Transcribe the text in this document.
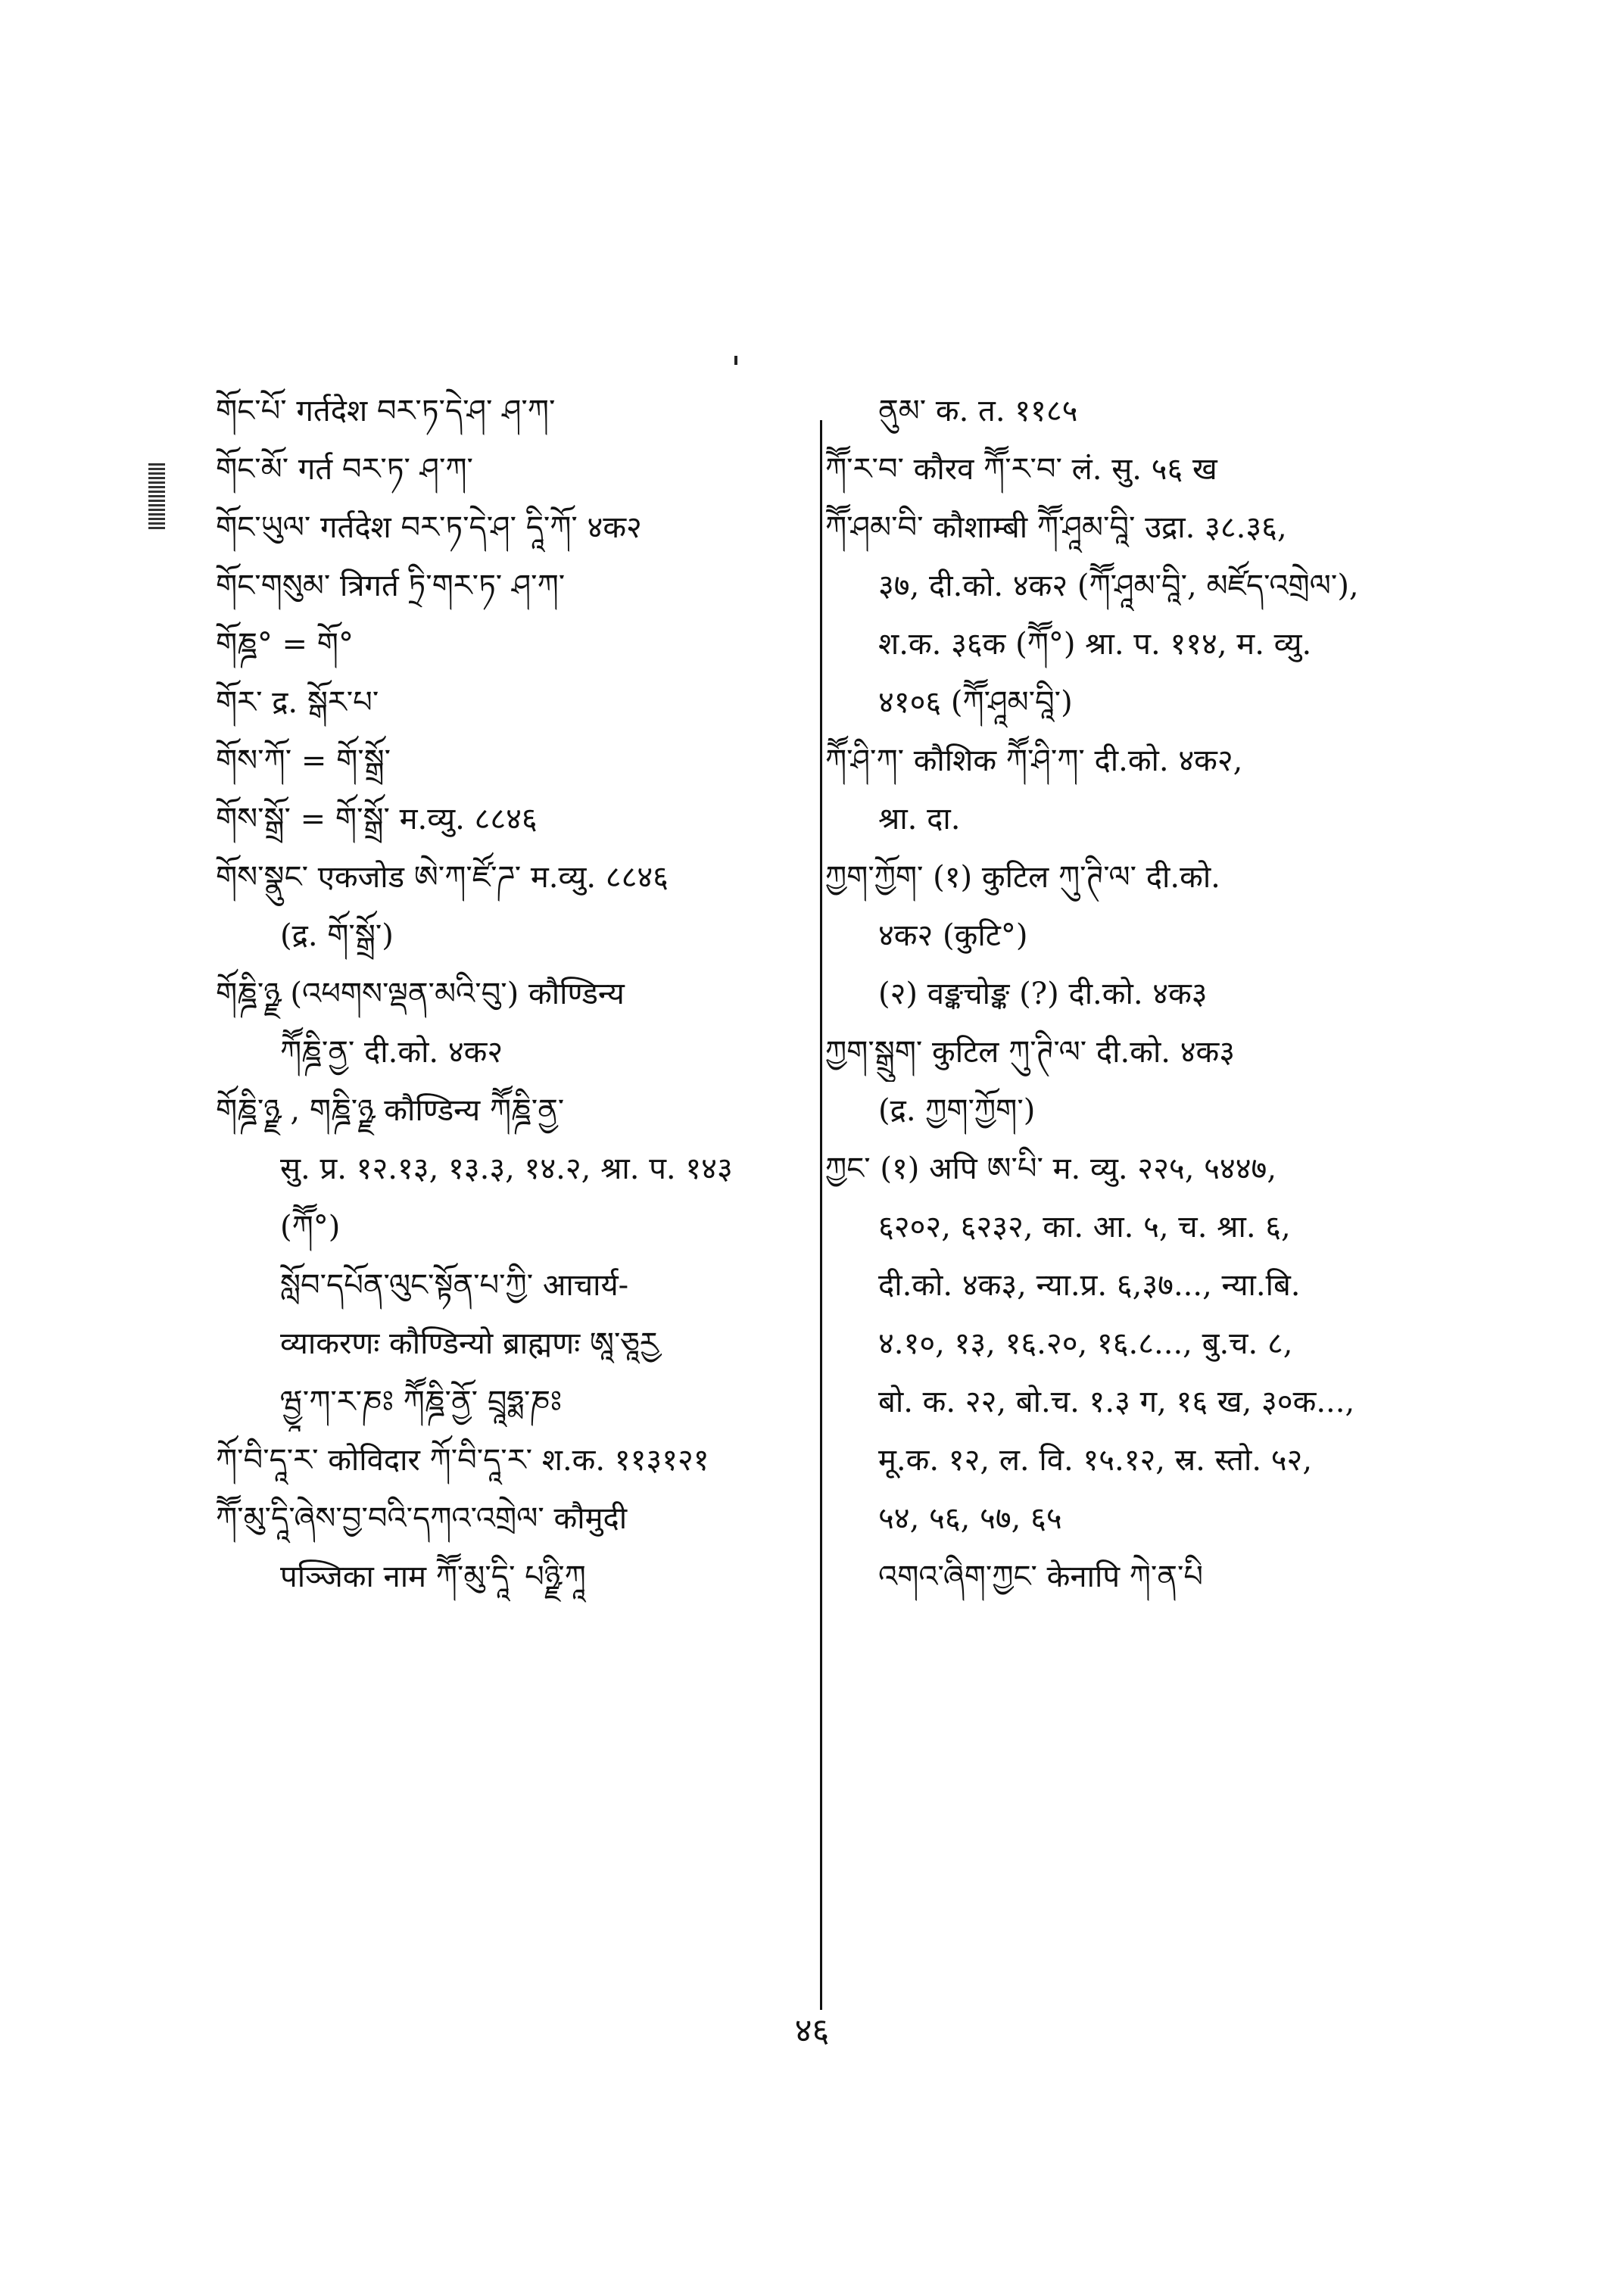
གོང་པོ་ गर्तदेश བར་ཏ་དེ་ཤ་ ཤ་ཀ་
གོང་མོ་ गर्त བར་ཏ་ ཤ་ཀ་
གོང་ཡུལ་ गर्तदेश བར་ཏ་དེ་ཤ་ དཱི་ཀོ་ ४क२
གོང་གསུམ་ त्रिगर्त ཏྲི་གར་ཏ་ ཤ་ཀ་
གོཎྜ° = གོ°
གོར་ द्र. སྒོར་པ་
གོས་ཀོ་ = གོ་སྒྲོ་
གོས་སྒྲོ་ = གོ་སྒྲོ་ म.व्यु. ८८४६
གོས་སྣུང་ एकजोड ཨེ་ཀ་ཛོ་ཌ་ म.व्यु. ८८४६
(द्र. གོ་སྒྲོ་)
གོཎྜི་ཉྫ (འཕགས་ལྡན་མའི་བུ་) कौण्डिन्य
ཀཽཎྜི་ནྱ་ दी.को. ४क२
གོཎྜི་ཉྫ , གཎྜི་ཉྫ कौण्डिन्य ཀཽཎྜི་ནྱ་
सु. प्र. १२.१३, १३.३, १४.२, श्रा. प. १४३
(ཀཽ°)
སློབ་དཔོན་ལུང་སྟོན་པ་ཀྱི་ आचार्य-
व्याकरणः कौण्डिन्यो ब्राह्मणः ཨཱ་ཅཱརྱ
ཝྱཱ་ཀ་ར་ཎཿ ཀཽཎྜི་ནྱོ་ བྲཱཧྨ་ཎཿ
ཀོ་བི་དཱ་ར་ कोविदार ཀོ་བི་དཱ་ར་ श.क. ११३१२१
ཀཽ་མུ་དཱི་ཞེས་བྱ་བའི་དཀའ་འགྲེལ་ कौमुदी
पञ्जिका नाम ཀཽ་མུ་དཱི་ པཉྫི་ཀཱ
ནུམ་ क. त. ११८५
ཀཽ་ར་བ་ कौरव ཀཽ་ར་བ་ लं. सु. ५६ ख
ཀཽ་ཤམ་བི་ कौशाम्बी ཀཽ་ཤཱམ་བཱི་ उद्रा. ३८.३६,
३७, दी.को. ४क२ (ཀཽ་ཤཱམ་བཱི་, མཛོད་འགྲེལ་),
श.क. ३६क (ཀཽ°) श्रा. प. ११४, म. व्यु.
४१०६ (ཀཽ་ཤཱམ་བཱི་)
ཀཽ་ཤི་ཀ་ कौशिक ཀཽ་ཤི་ཀ་ दी.को. ४क२,
श्रा. दा.
ཀྱག་ཀྱོག་ (१) कुटिल ཀུ་ཊི་ལ་ दी.को.
४क२ (कुटि°)
(२) वङ्कचोङ्क (?) दी.को. ४क३
ཀྱག་སྒྲུག་ कुटिल ཀུ་ཊི་ལ་ दी.को. ४क३
(द्र. ཀྱག་ཀྱོག་)
ཀྱང་ (१) अपि ཨ་པི་ म. व्यु. २२५, ५४४७,
६२०२, ६२३२, का. आ. ५, च. श्रा. ६,
दी.को. ४क३, न्या.प्र. ६,३७..., न्या.बि.
४.१०, १३, १६.२०, १६.८..., बु.च. ८,
बो. क. २२, बो.च. १.३ ग, १६ ख, ३०क...,
मू.क. १२, ल. वि. १५.१२, स्र. स्तो. ५२,
५४, ५६, ५७, ६५
འགའ་ཞིག་ཀྱང་ केनापि ཀེ་ན་པི
४६
